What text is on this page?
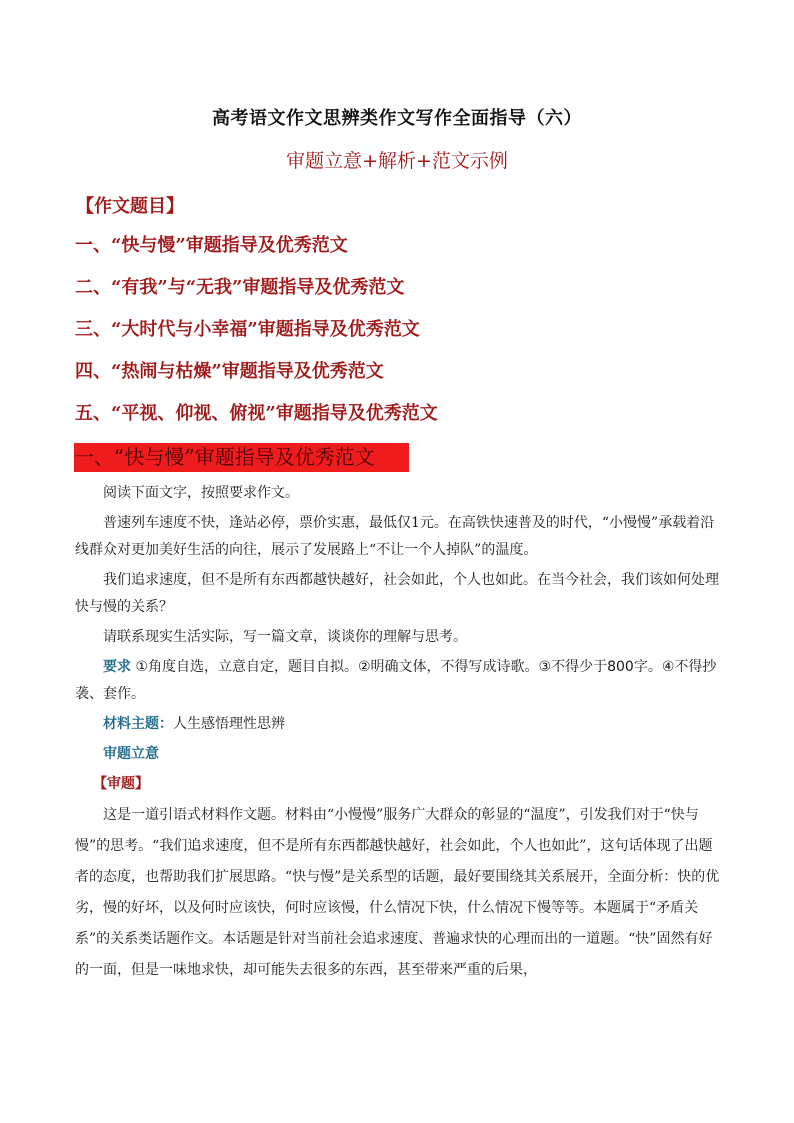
高考语文作文思辨类作文写作全面指导（六）
审题立意+解析+范文示例
【作文题目】
一、“快与慢”审题指导及优秀范文
二、“有我”与“无我”审题指导及优秀范文
三、“大时代与小幸福”审题指导及优秀范文
四、“热闹与枯燥”审题指导及优秀范文
五、“平视、仰视、俯视”审题指导及优秀范文
一、“快与慢”审题指导及优秀范文

阅读下面文字，按照要求作文。

普速列车速度不快，逢站必停，票价实惠，最低仅1元。在高铁快速普及的时代，“小慢慢”承载着沿线群众对更加美好生活的向往，展示了发展路上“不让一个人掉队”的温度。

我们追求速度，但不是所有东西都越快越好，社会如此，个人也如此。在当今社会，我们该如何处理快与慢的关系？

请联系现实生活实际，写一篇文章，谈谈你的理解与思考。

要求 ①角度自选，立意自定，题目自拟。②明确文体，不得写成诗歌。③不得少于800字。④不得抄袭、套作。

材料主题：人生感悟理性思辨

审题立意

【审题】

这是一道引语式材料作文题。材料由“小慢慢”服务广大群众的彰显的“温度”，引发我们对于“快与慢”的思考。“我们追求速度，但不是所有东西都越快越好，社会如此，个人也如此”，这句话体现了出题者的态度，也帮助我们扩展思路。“快与慢”是关系型的话题，最好要围绕其关系展开，全面分析：快的优劣，慢的好坏，以及何时应该快，何时应该慢，什么情况下快，什么情况下慢等等。本题属于“矛盾关系”的关系类话题作文。本话题是针对当前社会追求速度、普遍求快的心理而出的一道题。“快”固然有好的一面，但是一味地求快，却可能失去很多的东西，甚至带来严重的后果，
